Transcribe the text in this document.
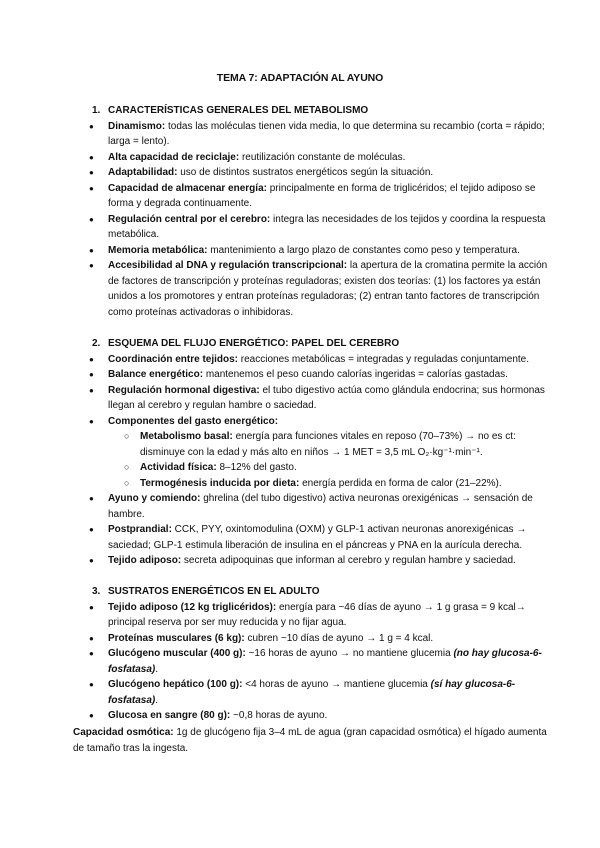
TEMA 7: ADAPTACIÓN AL AYUNO
1. CARACTERÍSTICAS GENERALES DEL METABOLISMO
● Dinamismo: todas las moléculas tienen vida media, lo que determina su recambio (corta = rápido; larga = lento).
● Alta capacidad de reciclaje: reutilización constante de moléculas.
● Adaptabilidad: uso de distintos sustratos energéticos según la situación.
● Capacidad de almacenar energía: principalmente en forma de triglicéridos; el tejido adiposo se forma y degrada continuamente.
● Regulación central por el cerebro: integra las necesidades de los tejidos y coordina la respuesta metabólica.
● Memoria metabólica: mantenimiento a largo plazo de constantes como peso y temperatura.
● Accesibilidad al DNA y regulación transcripcional: la apertura de la cromatina permite la acción de factores de transcripción y proteínas reguladoras; existen dos teorías: (1) los factores ya están unidos a los promotores y entran proteínas reguladoras; (2) entran tanto factores de transcripción como proteínas activadoras o inhibidoras.
2. ESQUEMA DEL FLUJO ENERGÉTICO: PAPEL DEL CEREBRO
● Coordinación entre tejidos: reacciones metabólicas = integradas y reguladas conjuntamente.
● Balance energético: mantenemos el peso cuando calorías ingeridas = calorías gastadas.
● Regulación hormonal digestiva: el tubo digestivo actúa como glándula endocrina; sus hormonas llegan al cerebro y regulan hambre o saciedad.
● Componentes del gasto energético:
○ Metabolismo basal: energía para funciones vitales en reposo (70–73%) → no es ct: disminuye con la edad y más alto en niños → 1 MET = 3,5 mL O₂·kg⁻¹·min⁻¹.
○ Actividad física: 8–12% del gasto.
○ Termogénesis inducida por dieta: energía perdida en forma de calor (21–22%).
● Ayuno y comiendo: ghrelina (del tubo digestivo) activa neuronas orexigénicas → sensación de hambre.
● Postprandial: CCK, PYY, oxintomodulina (OXM) y GLP-1 activan neuronas anorexigénicas → saciedad; GLP-1 estimula liberación de insulina en el páncreas y PNA en la aurícula derecha.
● Tejido adiposo: secreta adipoquinas que informan al cerebro y regulan hambre y saciedad.
3. SUSTRATOS ENERGÉTICOS EN EL ADULTO
● Tejido adiposo (12 kg triglicéridos): energía para ~46 días de ayuno → 1 g grasa = 9 kcal→ principal reserva por ser muy reducida y no fijar agua.
● Proteínas musculares (6 kg): cubren ~10 días de ayuno → 1 g = 4 kcal.
● Glucógeno muscular (400 g): ~16 horas de ayuno → no mantiene glucemia (no hay glucosa-6-fosfatasa).
● Glucógeno hepático (100 g): <4 horas de ayuno → mantiene glucemia (sí hay glucosa-6-fosfatasa).
● Glucosa en sangre (80 g): ~0,8 horas de ayuno.
Capacidad osmótica: 1g de glucógeno fija 3–4 mL de agua (gran capacidad osmótica) el hígado aumenta de tamaño tras la ingesta.
